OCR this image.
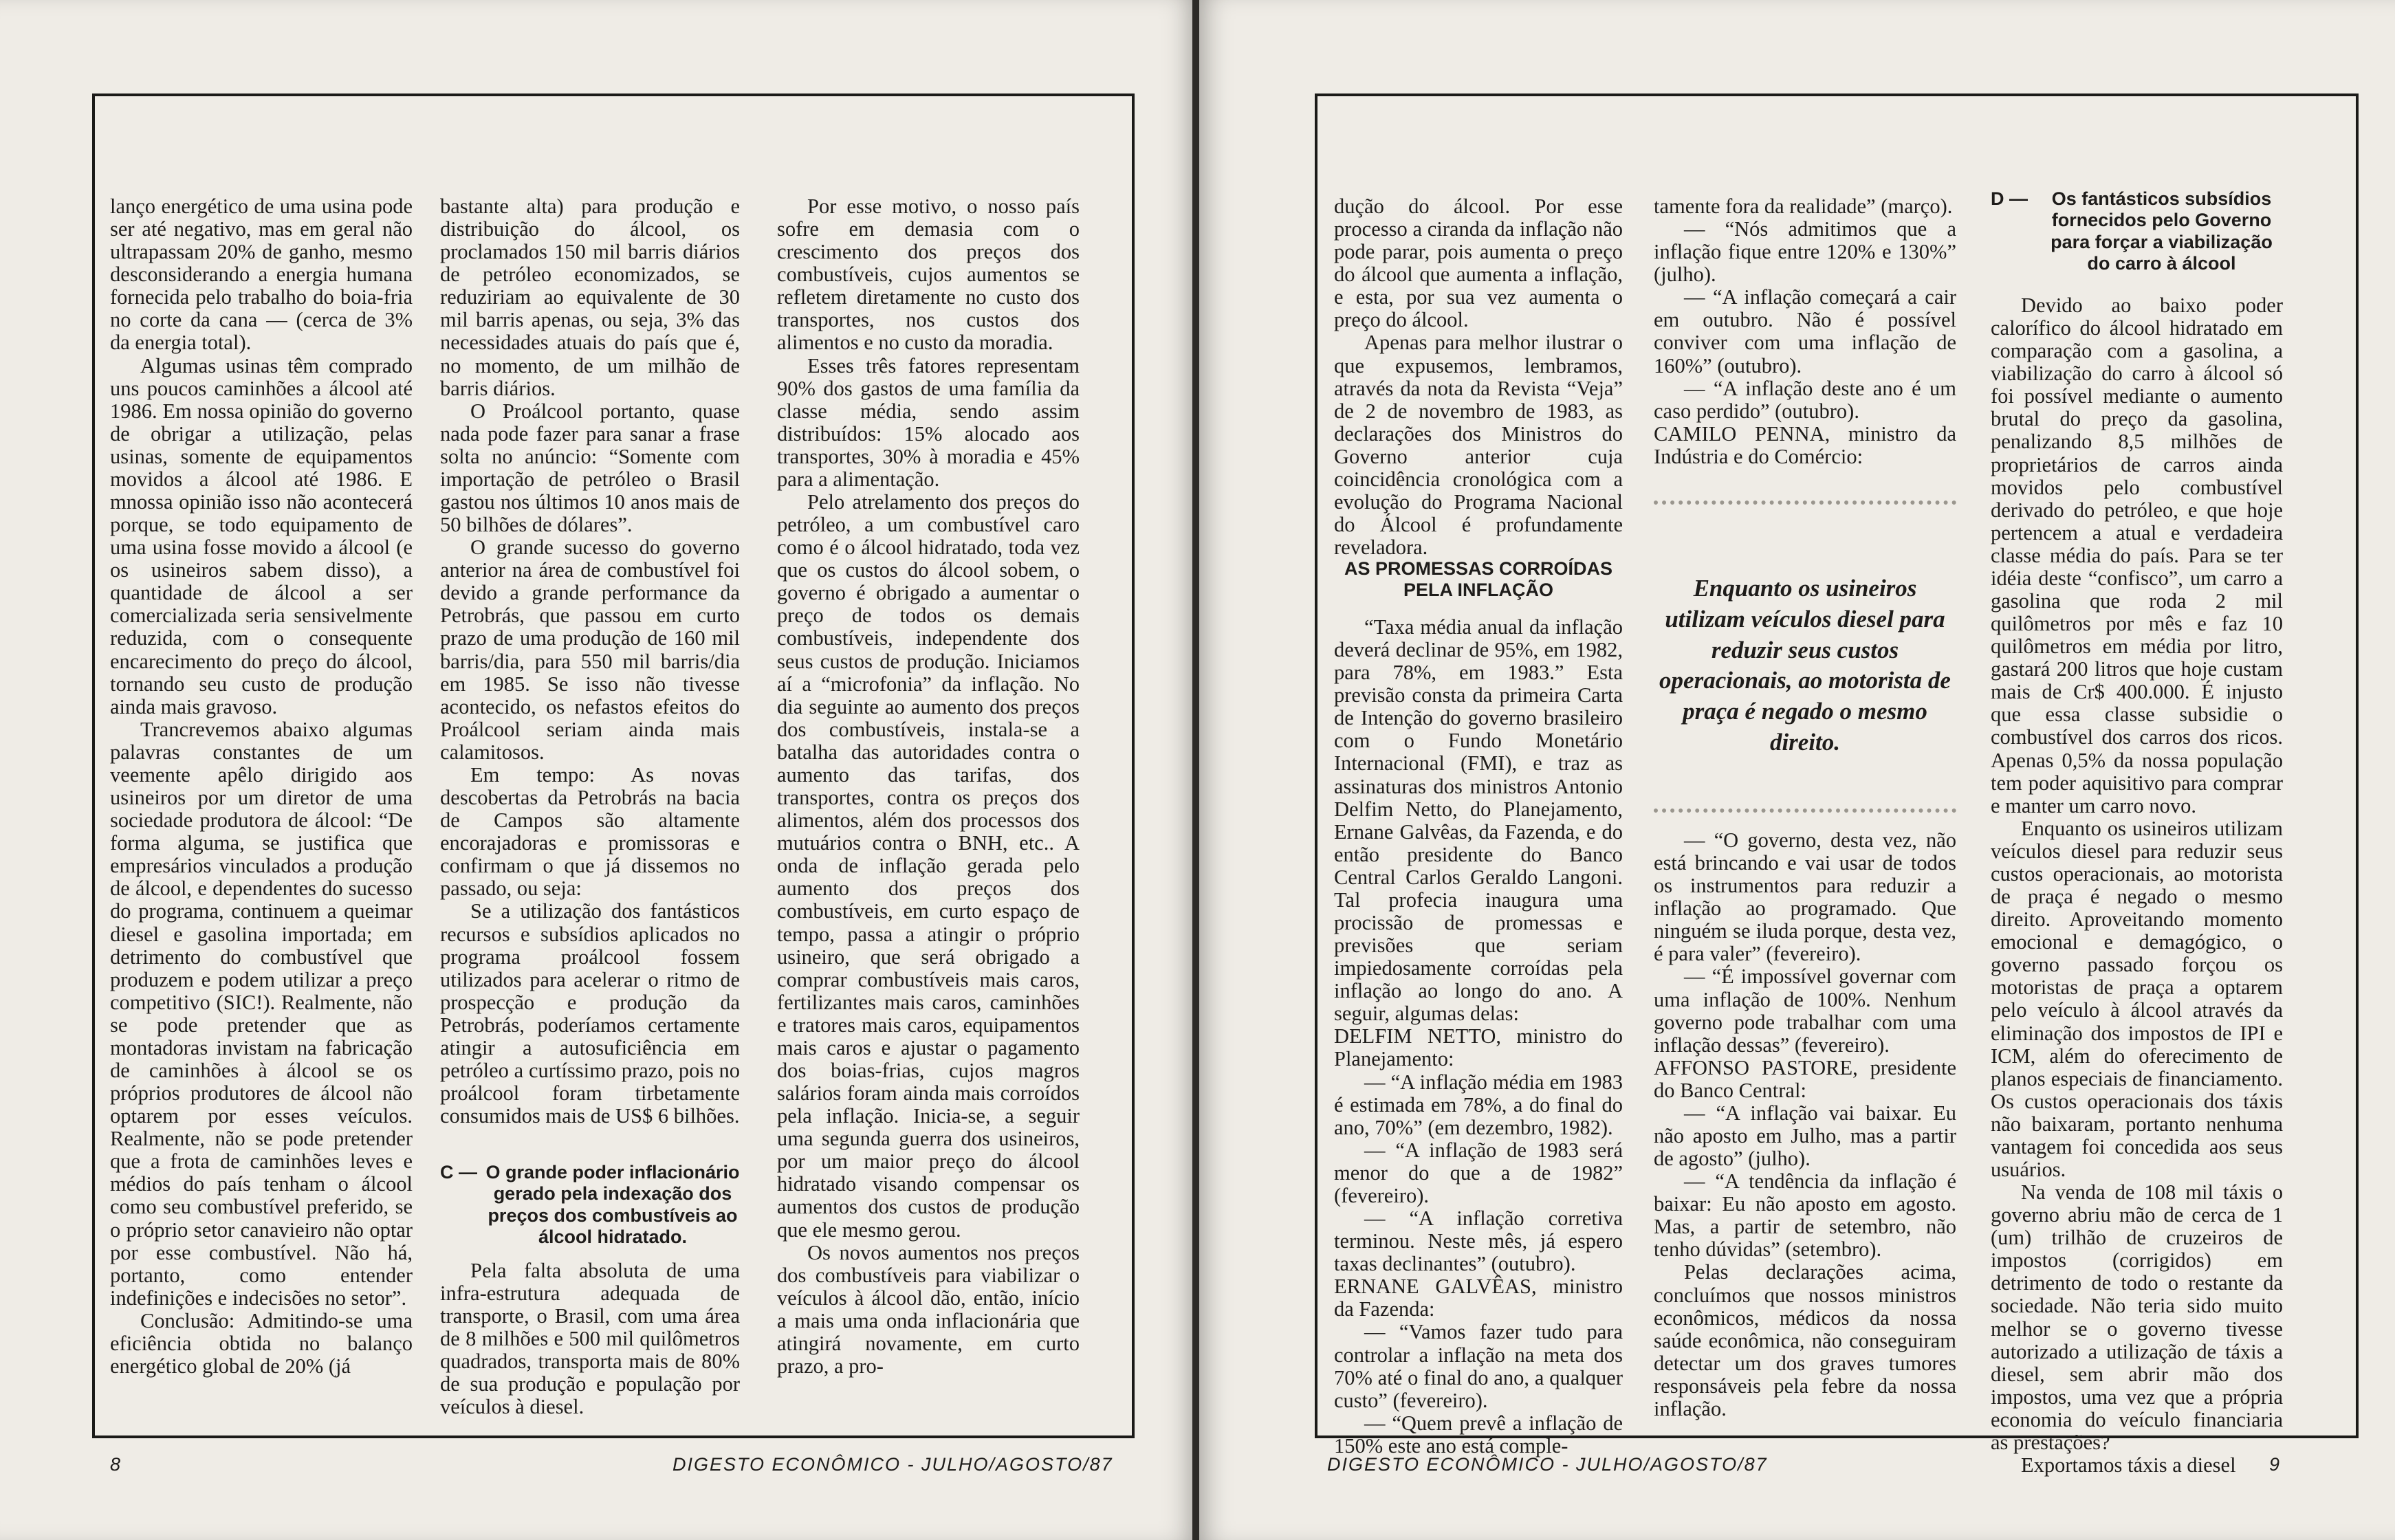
lanço energético de uma usina pode ser até negativo, mas em geral não ultrapassam 20% de ganho, mesmo desconsiderando a energia humana fornecida pelo trabalho do boia-fria no corte da cana — (cerca de 3% da energia total).

Algumas usinas têm comprado uns poucos caminhões a álcool até 1986. Em nossa opinião do governo de obrigar a utilização, pelas usinas, somente de equipamentos movidos a álcool até 1986. E mnossa opinião isso não acontecerá porque, se todo equipamento de uma usina fosse movido a álcool (e os usineiros sabem disso), a quantidade de álcool a ser comercializada seria sensivelmente reduzida, com o consequente encarecimento do preço do álcool, tornando seu custo de produção ainda mais gravoso.

Trancrevemos abaixo algumas palavras constantes de um veemente apêlo dirigido aos usineiros por um diretor de uma sociedade produtora de álcool: “De forma alguma, se justifica que empresários vinculados a produção de álcool, e dependentes do sucesso do programa, continuem a queimar diesel e gasolina importada; em detrimento do combustível que produzem e podem utilizar a preço competitivo (SIC!). Realmente, não se pode pretender que as montadoras invistam na fabricação de caminhões à álcool se os próprios produtores de álcool não optarem por esses veículos. Realmente, não se pode pretender que a frota de caminhões leves e médios do país tenham o álcool como seu combustível preferido, se o próprio setor canavieiro não optar por esse combustível. Não há, portanto, como entender indefinições e indecisões no setor”.

Conclusão: Admitindo-se uma eficiência obtida no balanço energético global de 20% (já

bastante alta) para produção e distribuição do álcool, os proclamados 150 mil barris diários de petróleo economizados, se reduziriam ao equivalente de 30 mil barris apenas, ou seja, 3% das necessidades atuais do país que é, no momento, de um milhão de barris diários.

O Proálcool portanto, quase nada pode fazer para sanar a frase solta no anúncio: “Somente com importação de petróleo o Brasil gastou nos últimos 10 anos mais de 50 bilhões de dólares”.

O grande sucesso do governo anterior na área de combustível foi devido a grande performance da Petrobrás, que passou em curto prazo de uma produção de 160 mil barris/dia, para 550 mil barris/dia em 1985. Se isso não tivesse acontecido, os nefastos efeitos do Proálcool seriam ainda mais calamitosos.

Em tempo: As novas descobertas da Petrobrás na bacia de Campos são altamente encorajadoras e promissoras e confirmam o que já dissemos no passado, ou seja:

Se a utilização dos fantásticos recursos e subsídios aplicados no programa proálcool fossem utilizados para acelerar o ritmo de prospecção e produção da Petrobrás, poderíamos certamente atingir a autosuficiência em petróleo a curtíssimo prazo, pois no proálcool foram tirbetamente consumidos mais de US$ 6 bilhões.

C — O grande poder inflacionário gerado pela indexação dos preços dos combustíveis ao álcool hidratado.

Pela falta absoluta de uma infra-estrutura adequada de transporte, o Brasil, com uma área de 8 milhões e 500 mil quilômetros quadrados, transporta mais de 80% de sua produção e população por veículos à diesel.

Por esse motivo, o nosso país sofre em demasia com o crescimento dos preços dos combustíveis, cujos aumentos se refletem diretamente no custo dos transportes, nos custos dos alimentos e no custo da moradia.

Esses três fatores representam 90% dos gastos de uma família da classe média, sendo assim distribuídos: 15% alocado aos transportes, 30% à moradia e 45% para a alimentação.

Pelo atrelamento dos preços do petróleo, a um combustível caro como é o álcool hidratado, toda vez que os custos do álcool sobem, o governo é obrigado a aumentar o preço de todos os demais combustíveis, independente dos seus custos de produção. Iniciamos aí a “microfonia” da inflação. No dia seguinte ao aumento dos preços dos combustíveis, instala-se a batalha das autoridades contra o aumento das tarifas, dos transportes, contra os preços dos alimentos, além dos processos dos mutuários contra o BNH, etc.. A onda de inflação gerada pelo aumento dos preços dos combustíveis, em curto espaço de tempo, passa a atingir o próprio usineiro, que será obrigado a comprar combustíveis mais caros, fertilizantes mais caros, caminhões e tratores mais caros, equipamentos mais caros e ajustar o pagamento dos boias-frias, cujos magros salários foram ainda mais corroídos pela inflação. Inicia-se, a seguir uma segunda guerra dos usineiros, por um maior preço do álcool hidratado visando compensar os aumentos dos custos de produção que ele mesmo gerou.

Os novos aumentos nos preços dos combustíveis para viabilizar o veículos à álcool dão, então, início a mais uma onda inflacionária que atingirá novamente, em curto prazo, a pro-

8	DIGESTO ECONÔMICO - JULHO/AGOSTO/87

dução do álcool. Por esse processo a ciranda da inflação não pode parar, pois aumenta o preço do álcool que aumenta a inflação, e esta, por sua vez aumenta o preço do álcool.

Apenas para melhor ilustrar o que expusemos, lembramos, através da nota da Revista “Veja” de 2 de novembro de 1983, as declarações dos Ministros do Governo anterior cuja coincidência cronológica com a evolução do Programa Nacional do Álcool é profundamente reveladora.

AS PROMESSAS CORROÍDAS PELA INFLAÇÃO

“Taxa média anual da inflação deverá declinar de 95%, em 1982, para 78%, em 1983.” Esta previsão consta da primeira Carta de Intenção do governo brasileiro com o Fundo Monetário Internacional (FMI), e traz as assinaturas dos ministros Antonio Delfim Netto, do Planejamento, Ernane Galvêas, da Fazenda, e do então presidente do Banco Central Carlos Geraldo Langoni. Tal profecia inaugura uma procissão de promessas e previsões que seriam impiedosamente corroídas pela inflação ao longo do ano. A seguir, algumas delas:

DELFIM NETTO, ministro do Planejamento:

— “A inflação média em 1983 é estimada em 78%, a do final do ano, 70%” (em dezembro, 1982).

— “A inflação de 1983 será menor do que a de 1982” (fevereiro).

— “A inflação corretiva terminou. Neste mês, já espero taxas declinantes” (outubro).

ERNANE GALVÊAS, ministro da Fazenda:

— “Vamos fazer tudo para controlar a inflação na meta dos 70% até o final do ano, a qualquer custo” (fevereiro).

— “Quem prevê a inflação de 150% este ano está comple-

tamente fora da realidade” (março).

— “Nós admitimos que a inflação fique entre 120% e 130%” (julho).

— “A inflação começará a cair em outubro. Não é possível conviver com uma inflação de 160%” (outubro).

— “A inflação deste ano é um caso perdido” (outubro).

CAMILO PENNA, ministro da Indústria e do Comércio:

Enquanto os usineiros utilizam veículos diesel para reduzir seus custos operacionais, ao motorista de praça é negado o mesmo direito.

— “O governo, desta vez, não está brincando e vai usar de todos os instrumentos para reduzir a inflação ao programado. Que ninguém se iluda porque, desta vez, é para valer” (fevereiro).

— “É impossível governar com uma inflação de 100%. Nenhum governo pode trabalhar com uma inflação dessas” (fevereiro).

AFFONSO PASTORE, presidente do Banco Central:

— “A inflação vai baixar. Eu não aposto em Julho, mas a partir de agosto” (julho).

— “A tendência da inflação é baixar: Eu não aposto em agosto. Mas, a partir de setembro, não tenho dúvidas” (setembro).

Pelas declarações acima, concluímos que nossos ministros econômicos, médicos da nossa saúde econômica, não conseguiram detectar um dos graves tumores responsáveis pela febre da nossa inflação.

D —	Os fantásticos subsídios fornecidos pelo Governo para forçar a viabilização do carro à álcool

Devido ao baixo poder calorífico do álcool hidratado em comparação com a gasolina, a viabilização do carro à álcool só foi possível mediante o aumento brutal do preço da gasolina, penalizando 8,5 milhões de proprietários de carros ainda movidos pelo combustível derivado do petróleo, e que hoje pertencem a atual e verdadeira classe média do país. Para se ter idéia deste “confisco”, um carro a gasolina que roda 2 mil quilômetros por mês e faz 10 quilômetros em média por litro, gastará 200 litros que hoje custam mais de Cr$ 400.000. É injusto que essa classe subsidie o combustível dos carros dos ricos. Apenas 0,5% da nossa população tem poder aquisitivo para comprar e manter um carro novo.

Enquanto os usineiros utilizam veículos diesel para reduzir seus custos operacionais, ao motorista de praça é negado o mesmo direito. Aproveitando momento emocional e demagógico, o governo passado forçou os motoristas de praça a optarem pelo veículo à álcool através da eliminação dos impostos de IPI e ICM, além do oferecimento de planos especiais de financiamento. Os custos operacionais dos táxis não baixaram, portanto nenhuma vantagem foi concedida aos seus usuários.

Na venda de 108 mil táxis o governo abriu mão de cerca de 1 (um) trilhão de cruzeiros de impostos (corrigidos) em detrimento de todo o restante da sociedade. Não teria sido muito melhor se o governo tivesse autorizado a utilização de táxis a diesel, sem abrir mão dos impostos, uma vez que a própria economia do veículo financiaria as prestações?

Exportamos táxis a diesel

DIGESTO ECONÔMICO - JULHO/AGOSTO/87	9
